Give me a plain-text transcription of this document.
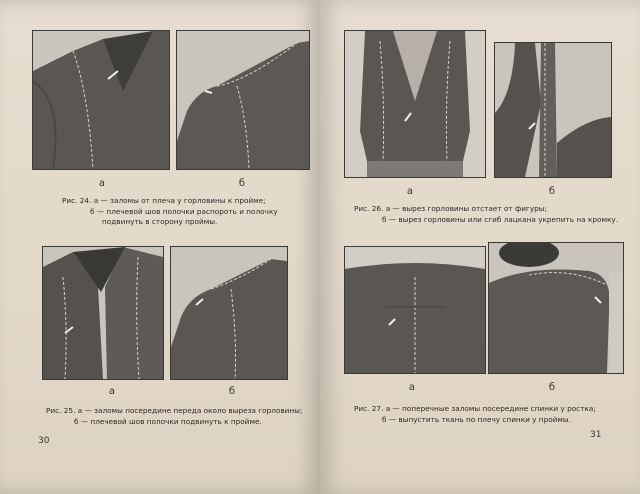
а	б
Рис. 24. а — заломы от плеча у горловины к пройме;
б — плечевой шов полочки распороть и полочку
подвинуть в сторону проймы.
а	б
Рис. 25. а — заломы посередине переда около выреза горловины;
б — плечевой шов полочки подвинуть к пройме.
30
а	б
Рис. 26. а — вырез горловины отстает от фигуры;
б — вырез горловины или сгиб лацкана укрепить на кромку.
а	б
Рис. 27. а — поперечные заломы посередине спинки у ростка;
б — выпустить ткань по плечу спинки у проймы.
31
